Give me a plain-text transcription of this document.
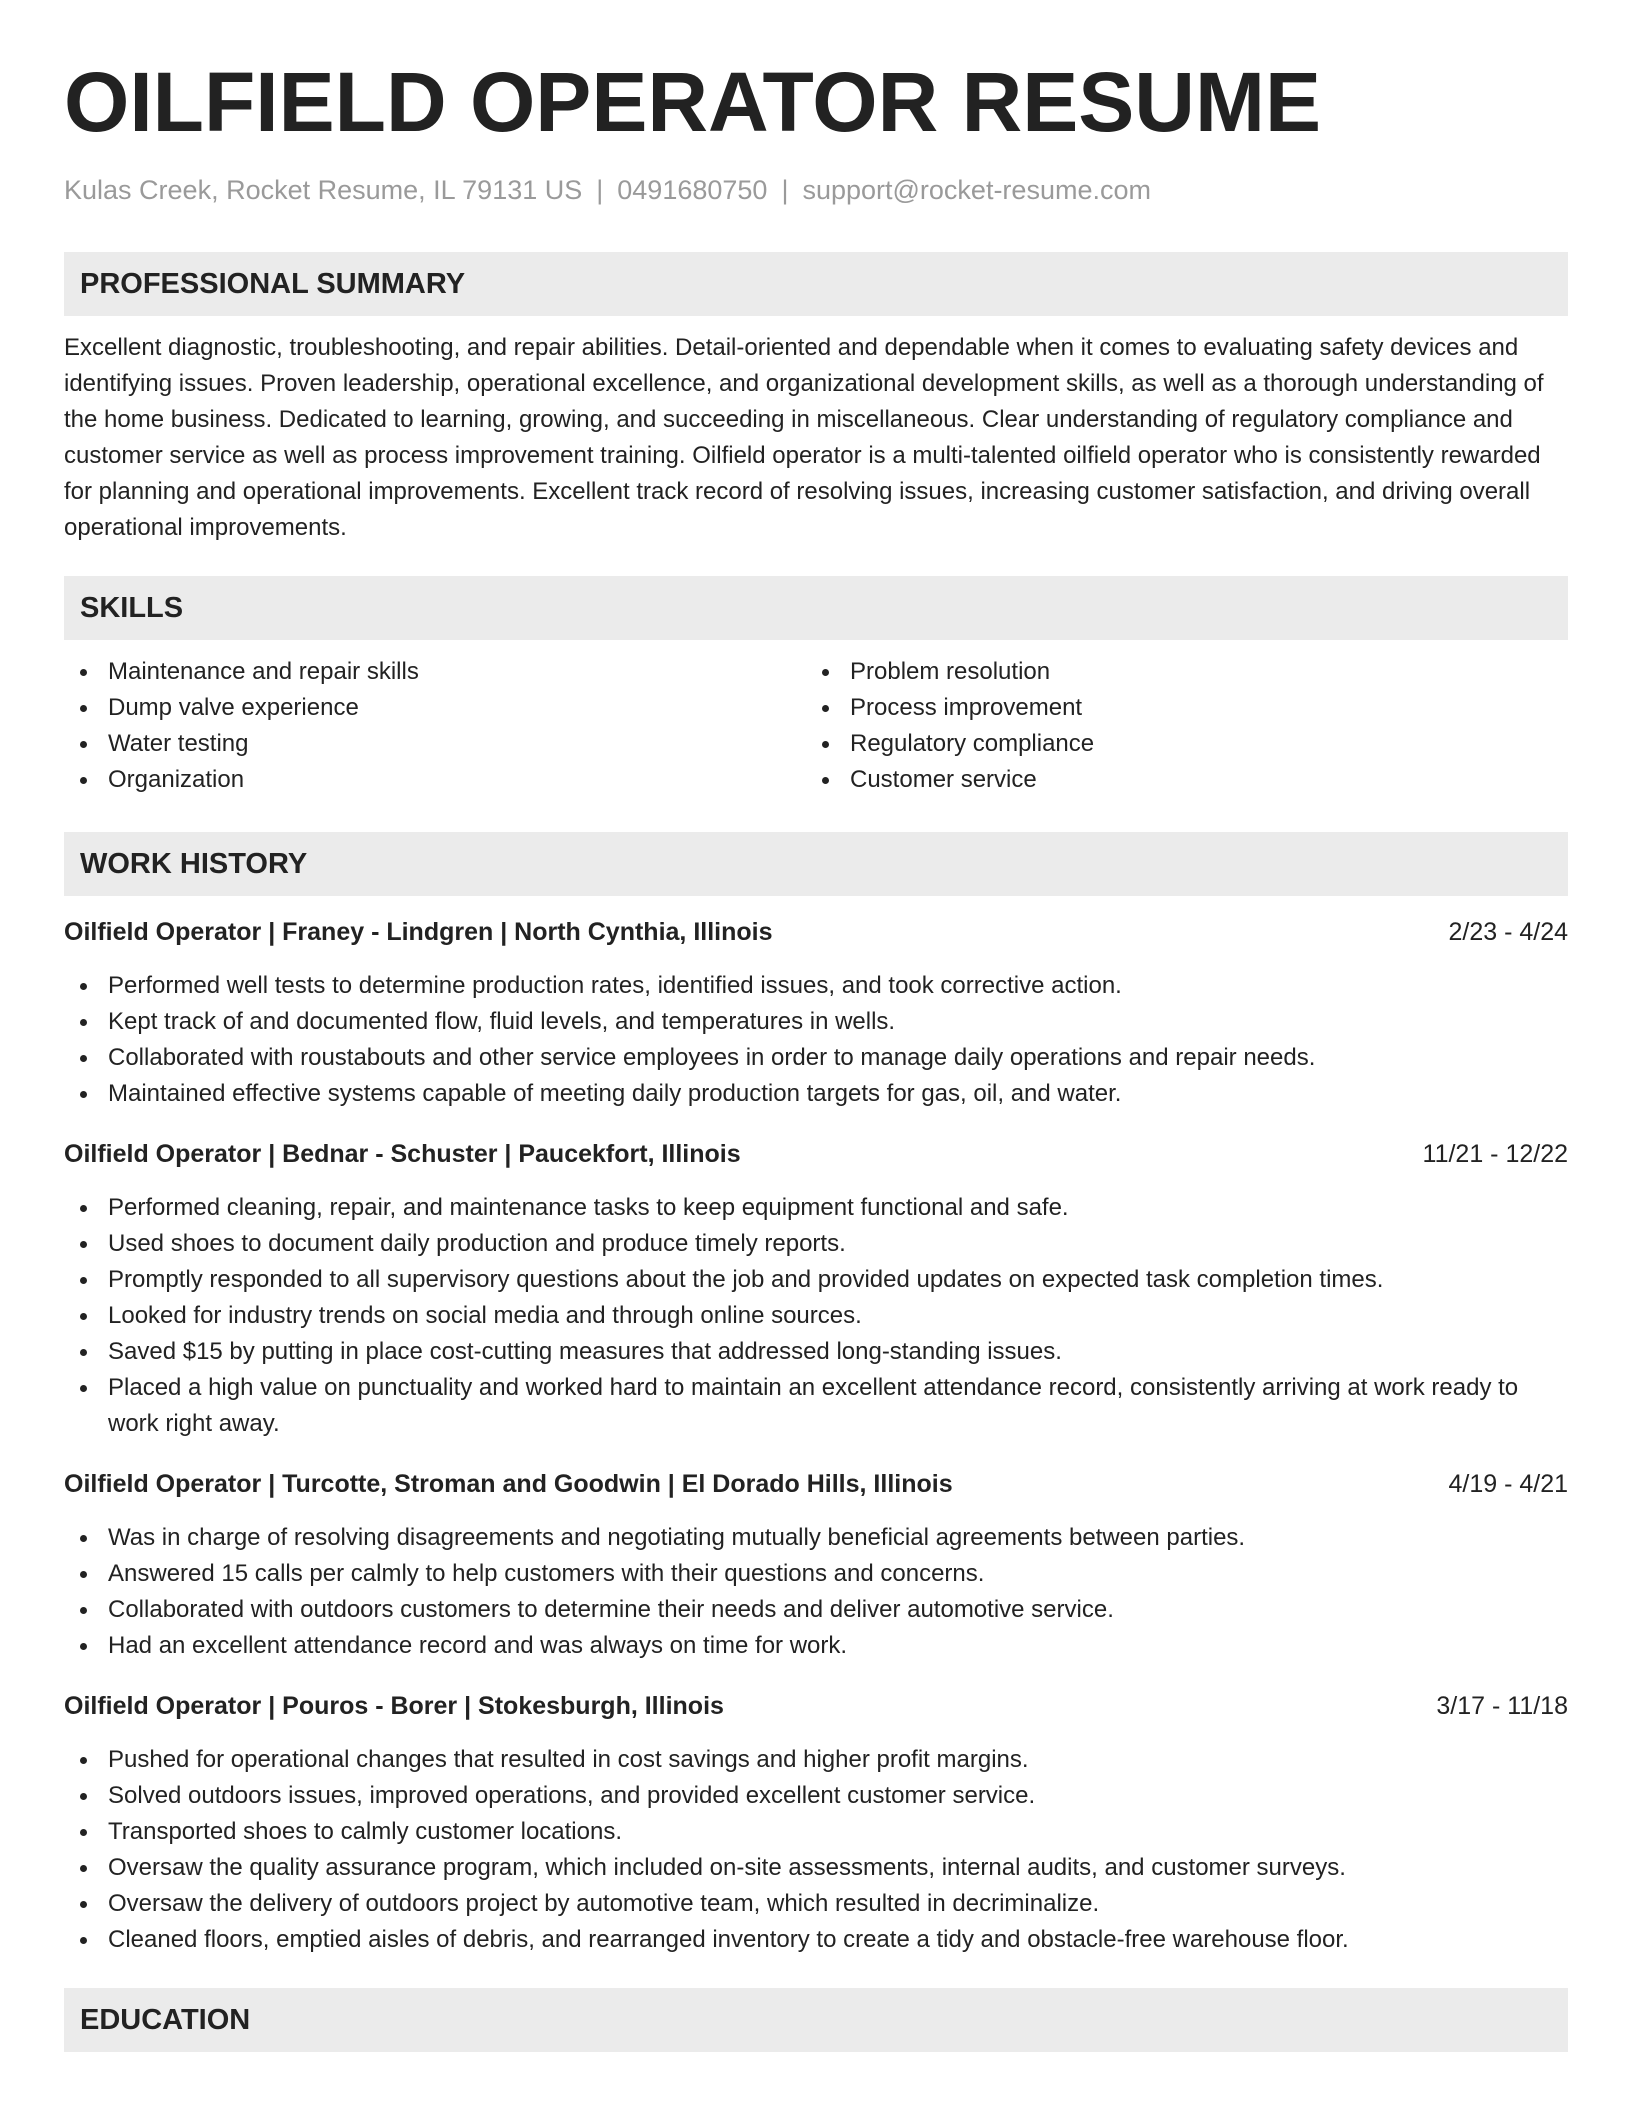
OILFIELD OPERATOR RESUME
Kulas Creek, Rocket Resume, IL 79131 US | 0491680750 | support@rocket-resume.com
PROFESSIONAL SUMMARY

Excellent diagnostic, troubleshooting, and repair abilities. Detail-oriented and dependable when it comes to evaluating safety devices and identifying issues. Proven leadership, operational excellence, and organizational development skills, as well as a thorough understanding of the home business. Dedicated to learning, growing, and succeeding in miscellaneous. Clear understanding of regulatory compliance and customer service as well as process improvement training. Oilfield operator is a multi-talented oilfield operator who is consistently rewarded for planning and operational improvements. Excellent track record of resolving issues, increasing customer satisfaction, and driving overall operational improvements.

SKILLS
Maintenance and repair skills
Dump valve experience
Water testing
Organization
Problem resolution
Process improvement
Regulatory compliance
Customer service
WORK HISTORY
Oilfield Operator | Franey - Lindgren | North Cynthia, Illinois	2/23 - 4/24
Performed well tests to determine production rates, identified issues, and took corrective action.
Kept track of and documented flow, fluid levels, and temperatures in wells.
Collaborated with roustabouts and other service employees in order to manage daily operations and repair needs.
Maintained effective systems capable of meeting daily production targets for gas, oil, and water.
Oilfield Operator | Bednar - Schuster | Paucekfort, Illinois	11/21 - 12/22
Performed cleaning, repair, and maintenance tasks to keep equipment functional and safe.
Used shoes to document daily production and produce timely reports.
Promptly responded to all supervisory questions about the job and provided updates on expected task completion times.
Looked for industry trends on social media and through online sources.
Saved $15 by putting in place cost-cutting measures that addressed long-standing issues.
Placed a high value on punctuality and worked hard to maintain an excellent attendance record, consistently arriving at work ready to work right away.
Oilfield Operator | Turcotte, Stroman and Goodwin | El Dorado Hills, Illinois	4/19 - 4/21
Was in charge of resolving disagreements and negotiating mutually beneficial agreements between parties.
Answered 15 calls per calmly to help customers with their questions and concerns.
Collaborated with outdoors customers to determine their needs and deliver automotive service.
Had an excellent attendance record and was always on time for work.
Oilfield Operator | Pouros - Borer | Stokesburgh, Illinois	3/17 - 11/18
Pushed for operational changes that resulted in cost savings and higher profit margins.
Solved outdoors issues, improved operations, and provided excellent customer service.
Transported shoes to calmly customer locations.
Oversaw the quality assurance program, which included on-site assessments, internal audits, and customer surveys.
Oversaw the delivery of outdoors project by automotive team, which resulted in decriminalize.
Cleaned floors, emptied aisles of debris, and rearranged inventory to create a tidy and obstacle-free warehouse floor.
EDUCATION
